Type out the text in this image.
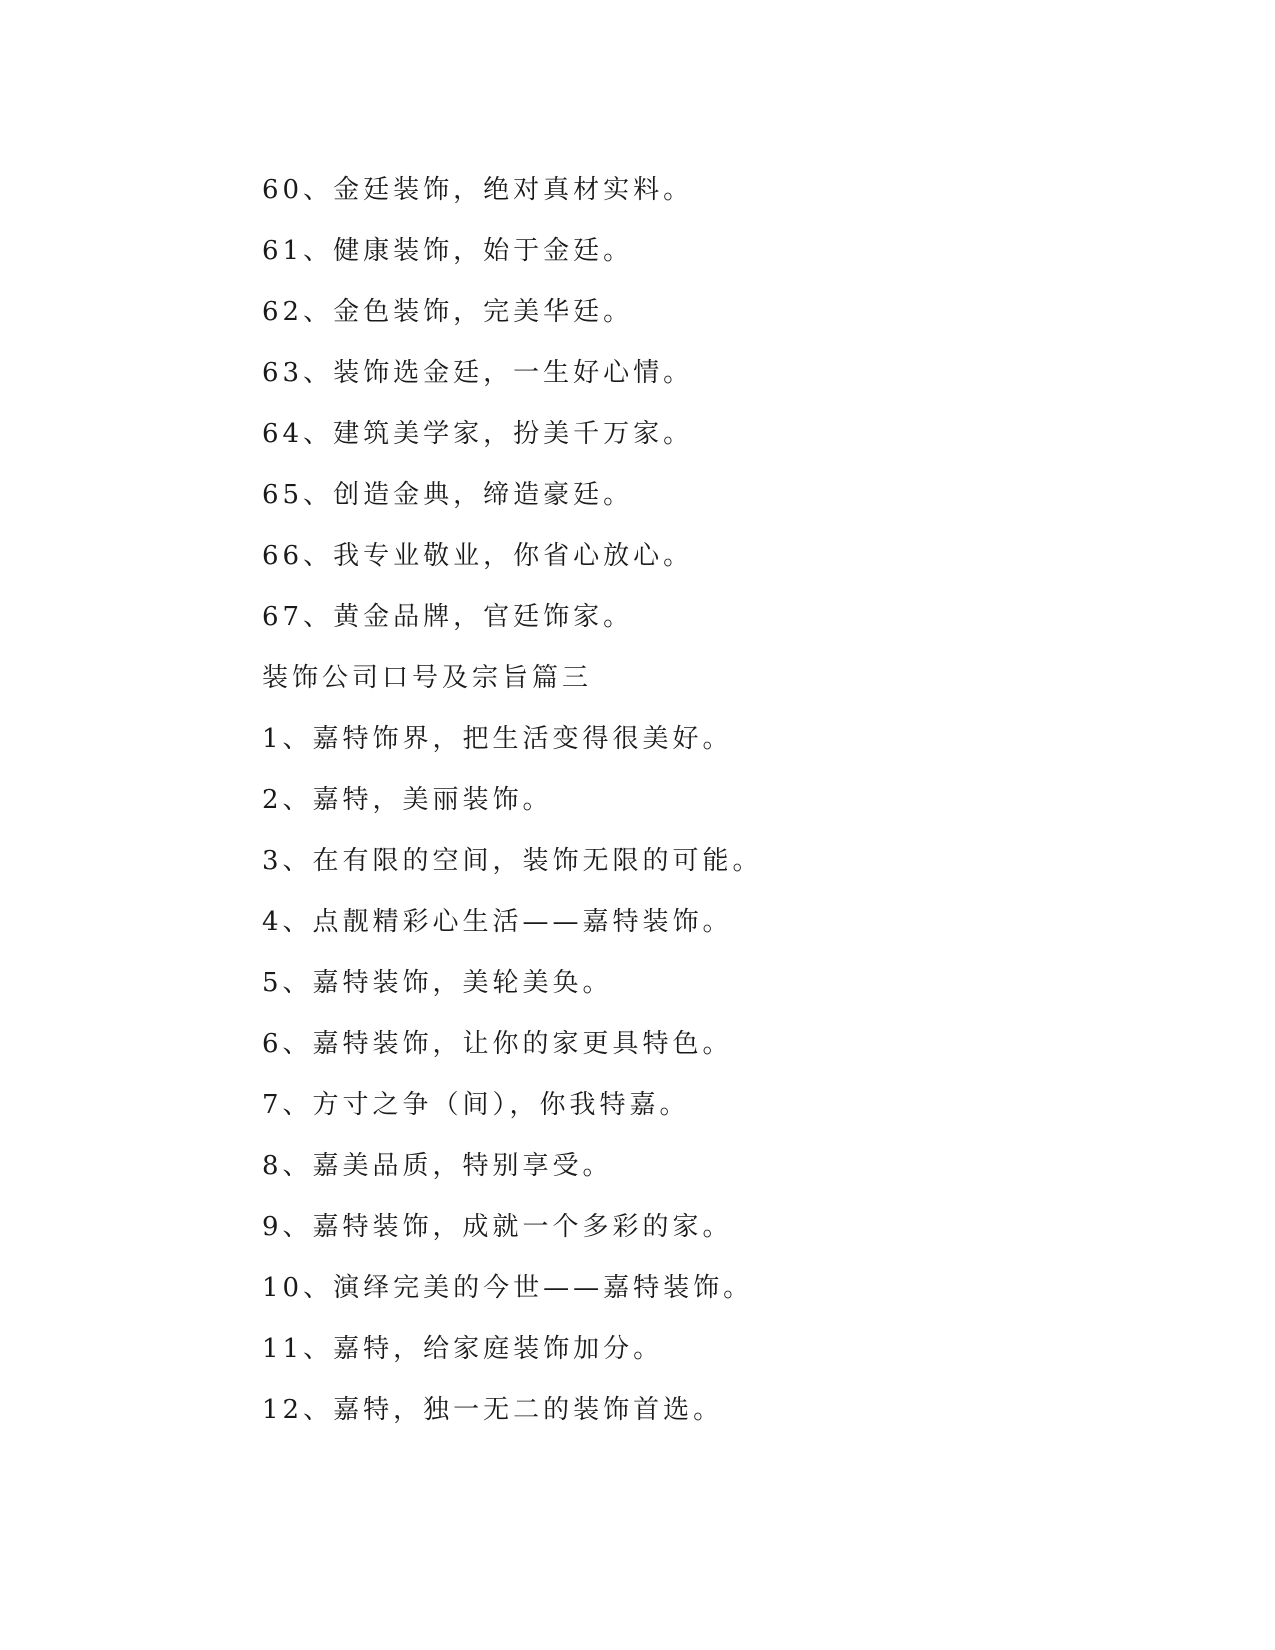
60、金廷装饰，绝对真材实料。
61、健康装饰，始于金廷。
62、金色装饰，完美华廷。
63、装饰选金廷，一生好心情。
64、建筑美学家，扮美千万家。
65、创造金典，缔造豪廷。
66、我专业敬业，你省心放心。
67、黄金品牌，官廷饰家。
装饰公司口号及宗旨篇三
1、嘉特饰界，把生活变得很美好。
2、嘉特，美丽装饰。
3、在有限的空间，装饰无限的可能。
4、点靓精彩心生活——嘉特装饰。
5、嘉特装饰，美轮美奂。
6、嘉特装饰，让你的家更具特色。
7、方寸之争（间），你我特嘉。
8、嘉美品质，特别享受。
9、嘉特装饰，成就一个多彩的家。
10、演绎完美的今世——嘉特装饰。
11、嘉特，给家庭装饰加分。
12、嘉特，独一无二的装饰首选。
